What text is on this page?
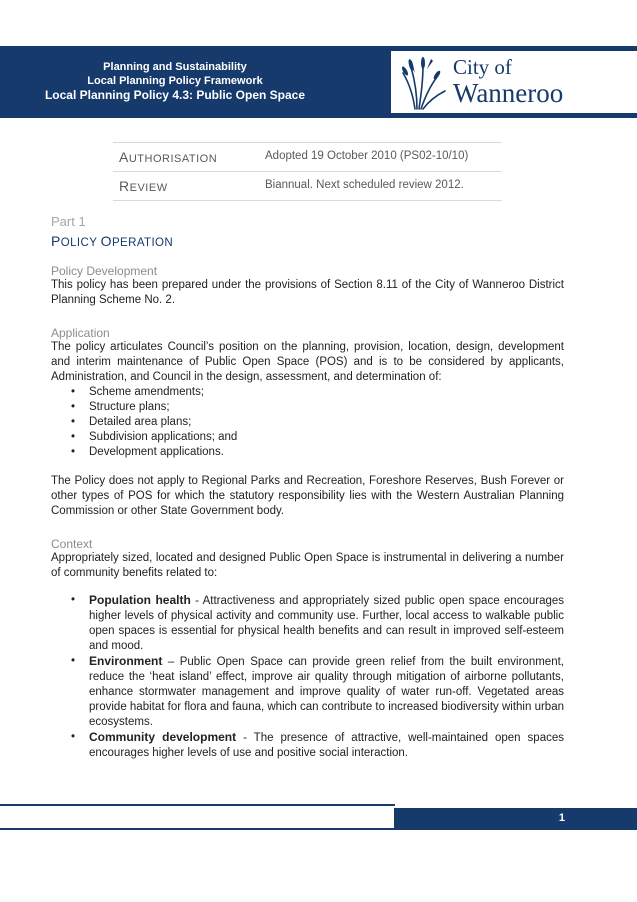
Planning and Sustainability
Local Planning Policy Framework
Local Planning Policy 4.3: Public Open Space
City of
Wanneroo
AUTHORISATION	Adopted 19 October 2010 (PS02-10/10)
REVIEW	Biannual. Next scheduled review 2012.

Part 1

POLICY OPERATION

Policy Development

This policy has been prepared under the provisions of Section 8.11 of the City of Wanneroo District Planning Scheme No. 2.

Application

The policy articulates Council’s position on the planning, provision, location, design, development and interim maintenance of Public Open Space (POS) and is to be considered by applicants, Administration, and Council in the design, assessment, and determination of:

• Scheme amendments;
• Structure plans;
• Detailed area plans;
• Subdivision applications; and
• Development applications.

The Policy does not apply to Regional Parks and Recreation, Foreshore Reserves, Bush Forever or other types of POS for which the statutory responsibility lies with the Western Australian Planning Commission or other State Government body.

Context

Appropriately sized, located and designed Public Open Space is instrumental in delivering a number of community benefits related to:

• Population health - Attractiveness and appropriately sized public open space encourages higher levels of physical activity and community use. Further, local access to walkable public open spaces is essential for physical health benefits and can result in improved self-esteem and mood.
• Environment – Public Open Space can provide green relief from the built environment, reduce the ‘heat island’ effect, improve air quality through mitigation of airborne pollutants, enhance stormwater management and improve quality of water run-off. Vegetated areas provide habitat for flora and fauna, which can contribute to increased biodiversity within urban ecosystems.
• Community development - The presence of attractive, well-maintained open spaces encourages higher levels of use and positive social interaction.
1
